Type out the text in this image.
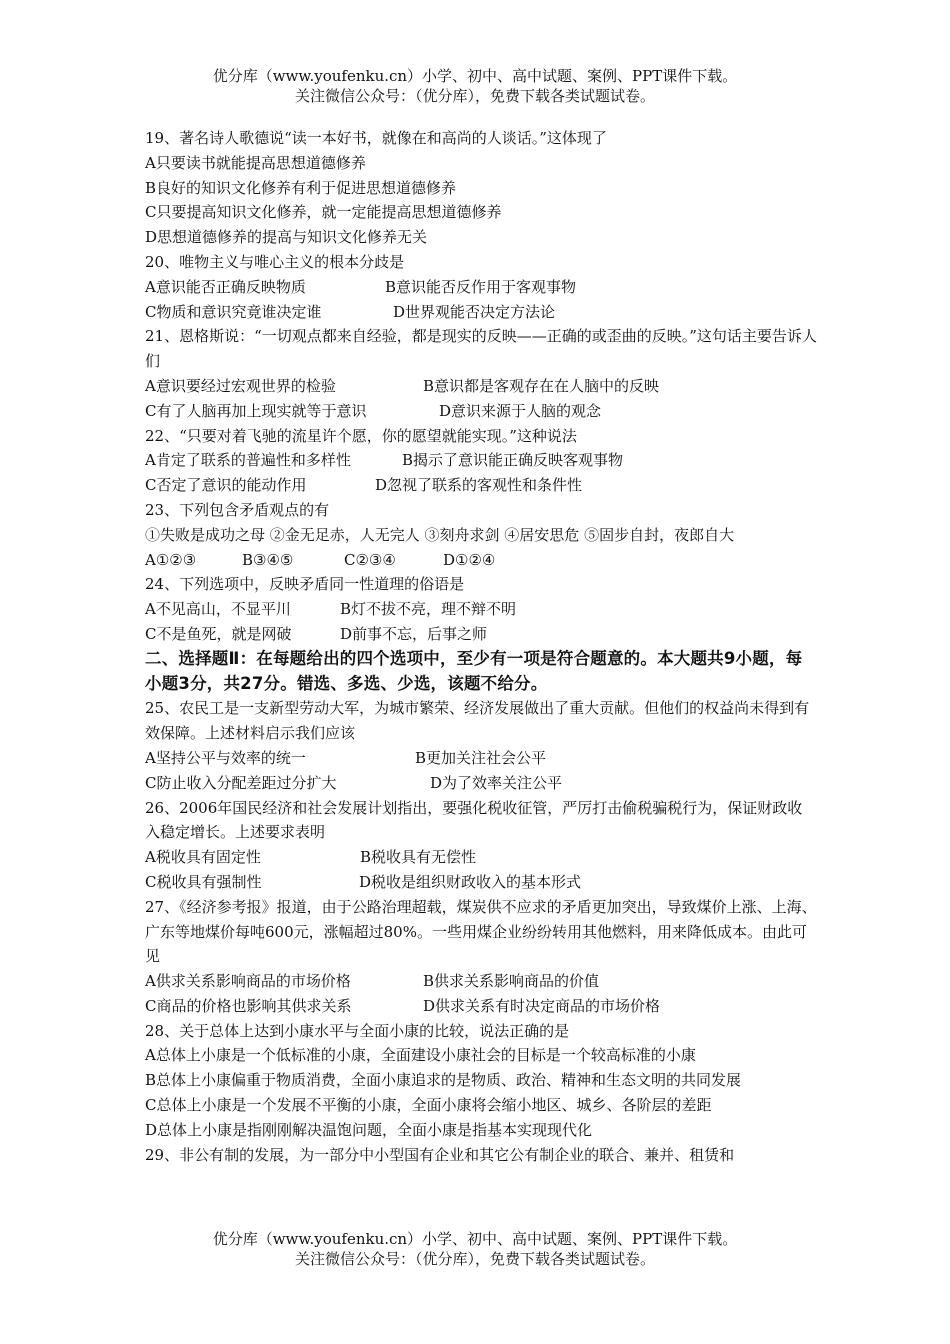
优分库（www.youfenku.cn）小学、初中、高中试题、案例、PPT课件下载。
关注微信公众号：（优分库），免费下载各类试题试卷。
19、著名诗人歌德说“读一本好书，就像在和高尚的人谈话。”这体现了
A只要读书就能提高思想道德修养
B良好的知识文化修养有利于促进思想道德修养
C只要提高知识文化修养，就一定能提高思想道德修养
D思想道德修养的提高与知识文化修养无关
20、唯物主义与唯心主义的根本分歧是
A意识能否正确反映物质	B意识能否反作用于客观事物
C物质和意识究竟谁决定谁	D世界观能否决定方法论
21、恩格斯说：“一切观点都来自经验，都是现实的反映——正确的或歪曲的反映。”这句话主要告诉人们
A意识要经过宏观世界的检验	B意识都是客观存在在人脑中的反映
C有了人脑再加上现实就等于意识	D意识来源于人脑的观念
22、“只要对着飞驰的流星许个愿，你的愿望就能实现。”这种说法
A肯定了联系的普遍性和多样性	B揭示了意识能正确反映客观事物
C否定了意识的能动作用	D忽视了联系的客观性和条件性
23、下列包含矛盾观点的有
①失败是成功之母 ②金无足赤，人无完人 ③刻舟求剑 ④居安思危 ⑤固步自封，夜郎自大
A①②③	B③④⑤	C②③④	D①②④
24、下列选项中，反映矛盾同一性道理的俗语是
A不见高山，不显平川	B灯不拔不亮，理不辩不明
C不是鱼死，就是网破	D前事不忘，后事之师
二、选择题Ⅱ：在每题给出的四个选项中，至少有一项是符合题意的。本大题共9小题，每小题3分，共27分。错选、多选、少选，该题不给分。
25、农民工是一支新型劳动大军，为城市繁荣、经济发展做出了重大贡献。但他们的权益尚未得到有效保障。上述材料启示我们应该
A坚持公平与效率的统一	B更加关注社会公平
C防止收入分配差距过分扩大	D为了效率关注公平
26、2006年国民经济和社会发展计划指出，要强化税收征管，严厉打击偷税骗税行为，保证财政收入稳定增长。上述要求表明
A税收具有固定性	B税收具有无偿性
C税收具有强制性	D税收是组织财政收入的基本形式
27、《经济参考报》报道，由于公路治理超载，煤炭供不应求的矛盾更加突出，导致煤价上涨、上海、广东等地煤价每吨600元，涨幅超过80%。一些用煤企业纷纷转用其他燃料，用来降低成本。由此可见
A供求关系影响商品的市场价格	B供求关系影响商品的价值
C商品的价格也影响其供求关系	D供求关系有时决定商品的市场价格
28、关于总体上达到小康水平与全面小康的比较，说法正确的是
A总体上小康是一个低标准的小康，全面建设小康社会的目标是一个较高标准的小康
B总体上小康偏重于物质消费，全面小康追求的是物质、政治、精神和生态文明的共同发展
C总体上小康是一个发展不平衡的小康，全面小康将会缩小地区、城乡、各阶层的差距
D总体上小康是指刚刚解决温饱问题，全面小康是指基本实现现代化
29、非公有制的发展，为一部分中小型国有企业和其它公有制企业的联合、兼并、租赁和
优分库（www.youfenku.cn）小学、初中、高中试题、案例、PPT课件下载。
关注微信公众号：（优分库），免费下载各类试题试卷。
